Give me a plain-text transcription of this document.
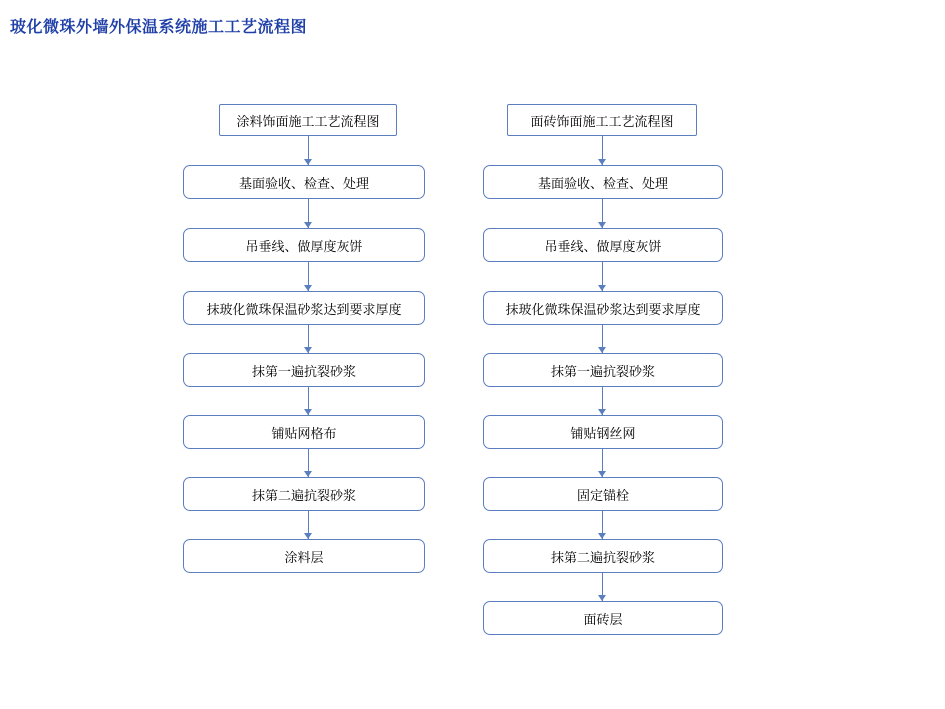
玻化微珠外墙外保温系统施工工艺流程图
涂料饰面施工工艺流程图
基面验收、检查、处理
吊垂线、做厚度灰饼
抹玻化微珠保温砂浆达到要求厚度
抹第一遍抗裂砂浆
铺贴网格布
抹第二遍抗裂砂浆
涂料层
面砖饰面施工工艺流程图
基面验收、检查、处理
吊垂线、做厚度灰饼
抹玻化微珠保温砂浆达到要求厚度
抹第一遍抗裂砂浆
铺贴钢丝网
固定锚栓
抹第二遍抗裂砂浆
面砖层
